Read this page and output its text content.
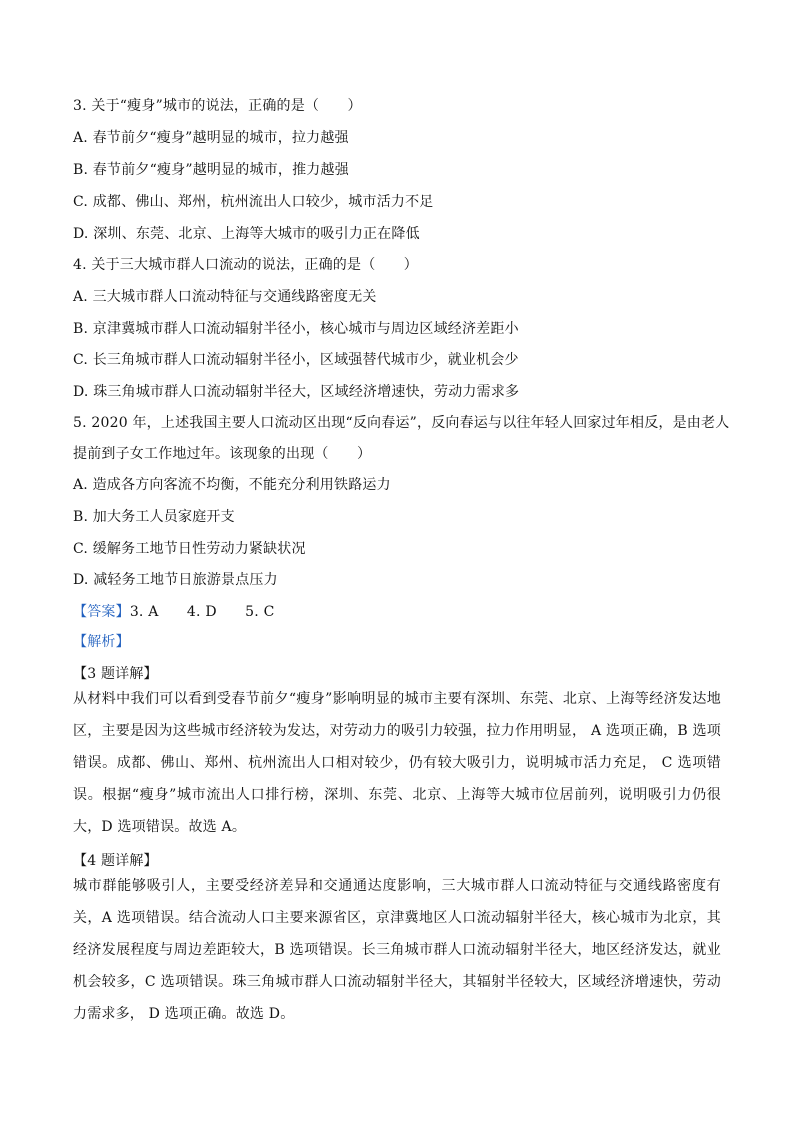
3. 关于“瘦身”城市的说法，正确的是（　　）
A. 春节前夕“瘦身”越明显的城市，拉力越强
B. 春节前夕“瘦身”越明显的城市，推力越强
C. 成都、佛山、郑州，杭州流出人口较少，城市活力不足
D. 深圳、东莞、北京、上海等大城市的吸引力正在降低
4. 关于三大城市群人口流动的说法，正确的是（　　）
A. 三大城市群人口流动特征与交通线路密度无关
B. 京津冀城市群人口流动辐射半径小，核心城市与周边区域经济差距小
C. 长三角城市群人口流动辐射半径小，区域强替代城市少，就业机会少
D. 珠三角城市群人口流动辐射半径大，区域经济增速快，劳动力需求多
5. 2020 年，上述我国主要人口流动区出现“反向春运”，反向春运与以往年轻人回家过年相反，是由老人
提前到子女工作地过年。该现象的出现（　　）
A. 造成各方向客流不均衡，不能充分利用铁路运力
B. 加大务工人员家庭开支
C. 缓解务工地节日性劳动力紧缺状况
D. 减轻务工地节日旅游景点压力
【答案】3. A　　4. D　　5. C
【解析】
【3 题详解】
从材料中我们可以看到受春节前夕“瘦身”影响明显的城市主要有深圳、东莞、北京、上海等经济发达地区，主要是因为这些城市经济较为发达，对劳动力的吸引力较强，拉力作用明显， A 选项正确，B 选项错误。成都、佛山、郑州、杭州流出人口相对较少，仍有较大吸引力，说明城市活力充足， C 选项错误。根据“瘦身”城市流出人口排行榜，深圳、东莞、北京、上海等大城市位居前列，说明吸引力仍很大，D 选项错误。故选 A。
【4 题详解】
城市群能够吸引人，主要受经济差异和交通通达度影响，三大城市群人口流动特征与交通线路密度有关，A 选项错误。结合流动人口主要来源省区，京津冀地区人口流动辐射半径大，核心城市为北京，其经济发展程度与周边差距较大，B 选项错误。长三角城市群人口流动辐射半径大，地区经济发达，就业机会较多，C 选项错误。珠三角城市群人口流动辐射半径大，其辐射半径较大，区域经济增速快，劳动力需求多， D 选项正确。故选 D。
